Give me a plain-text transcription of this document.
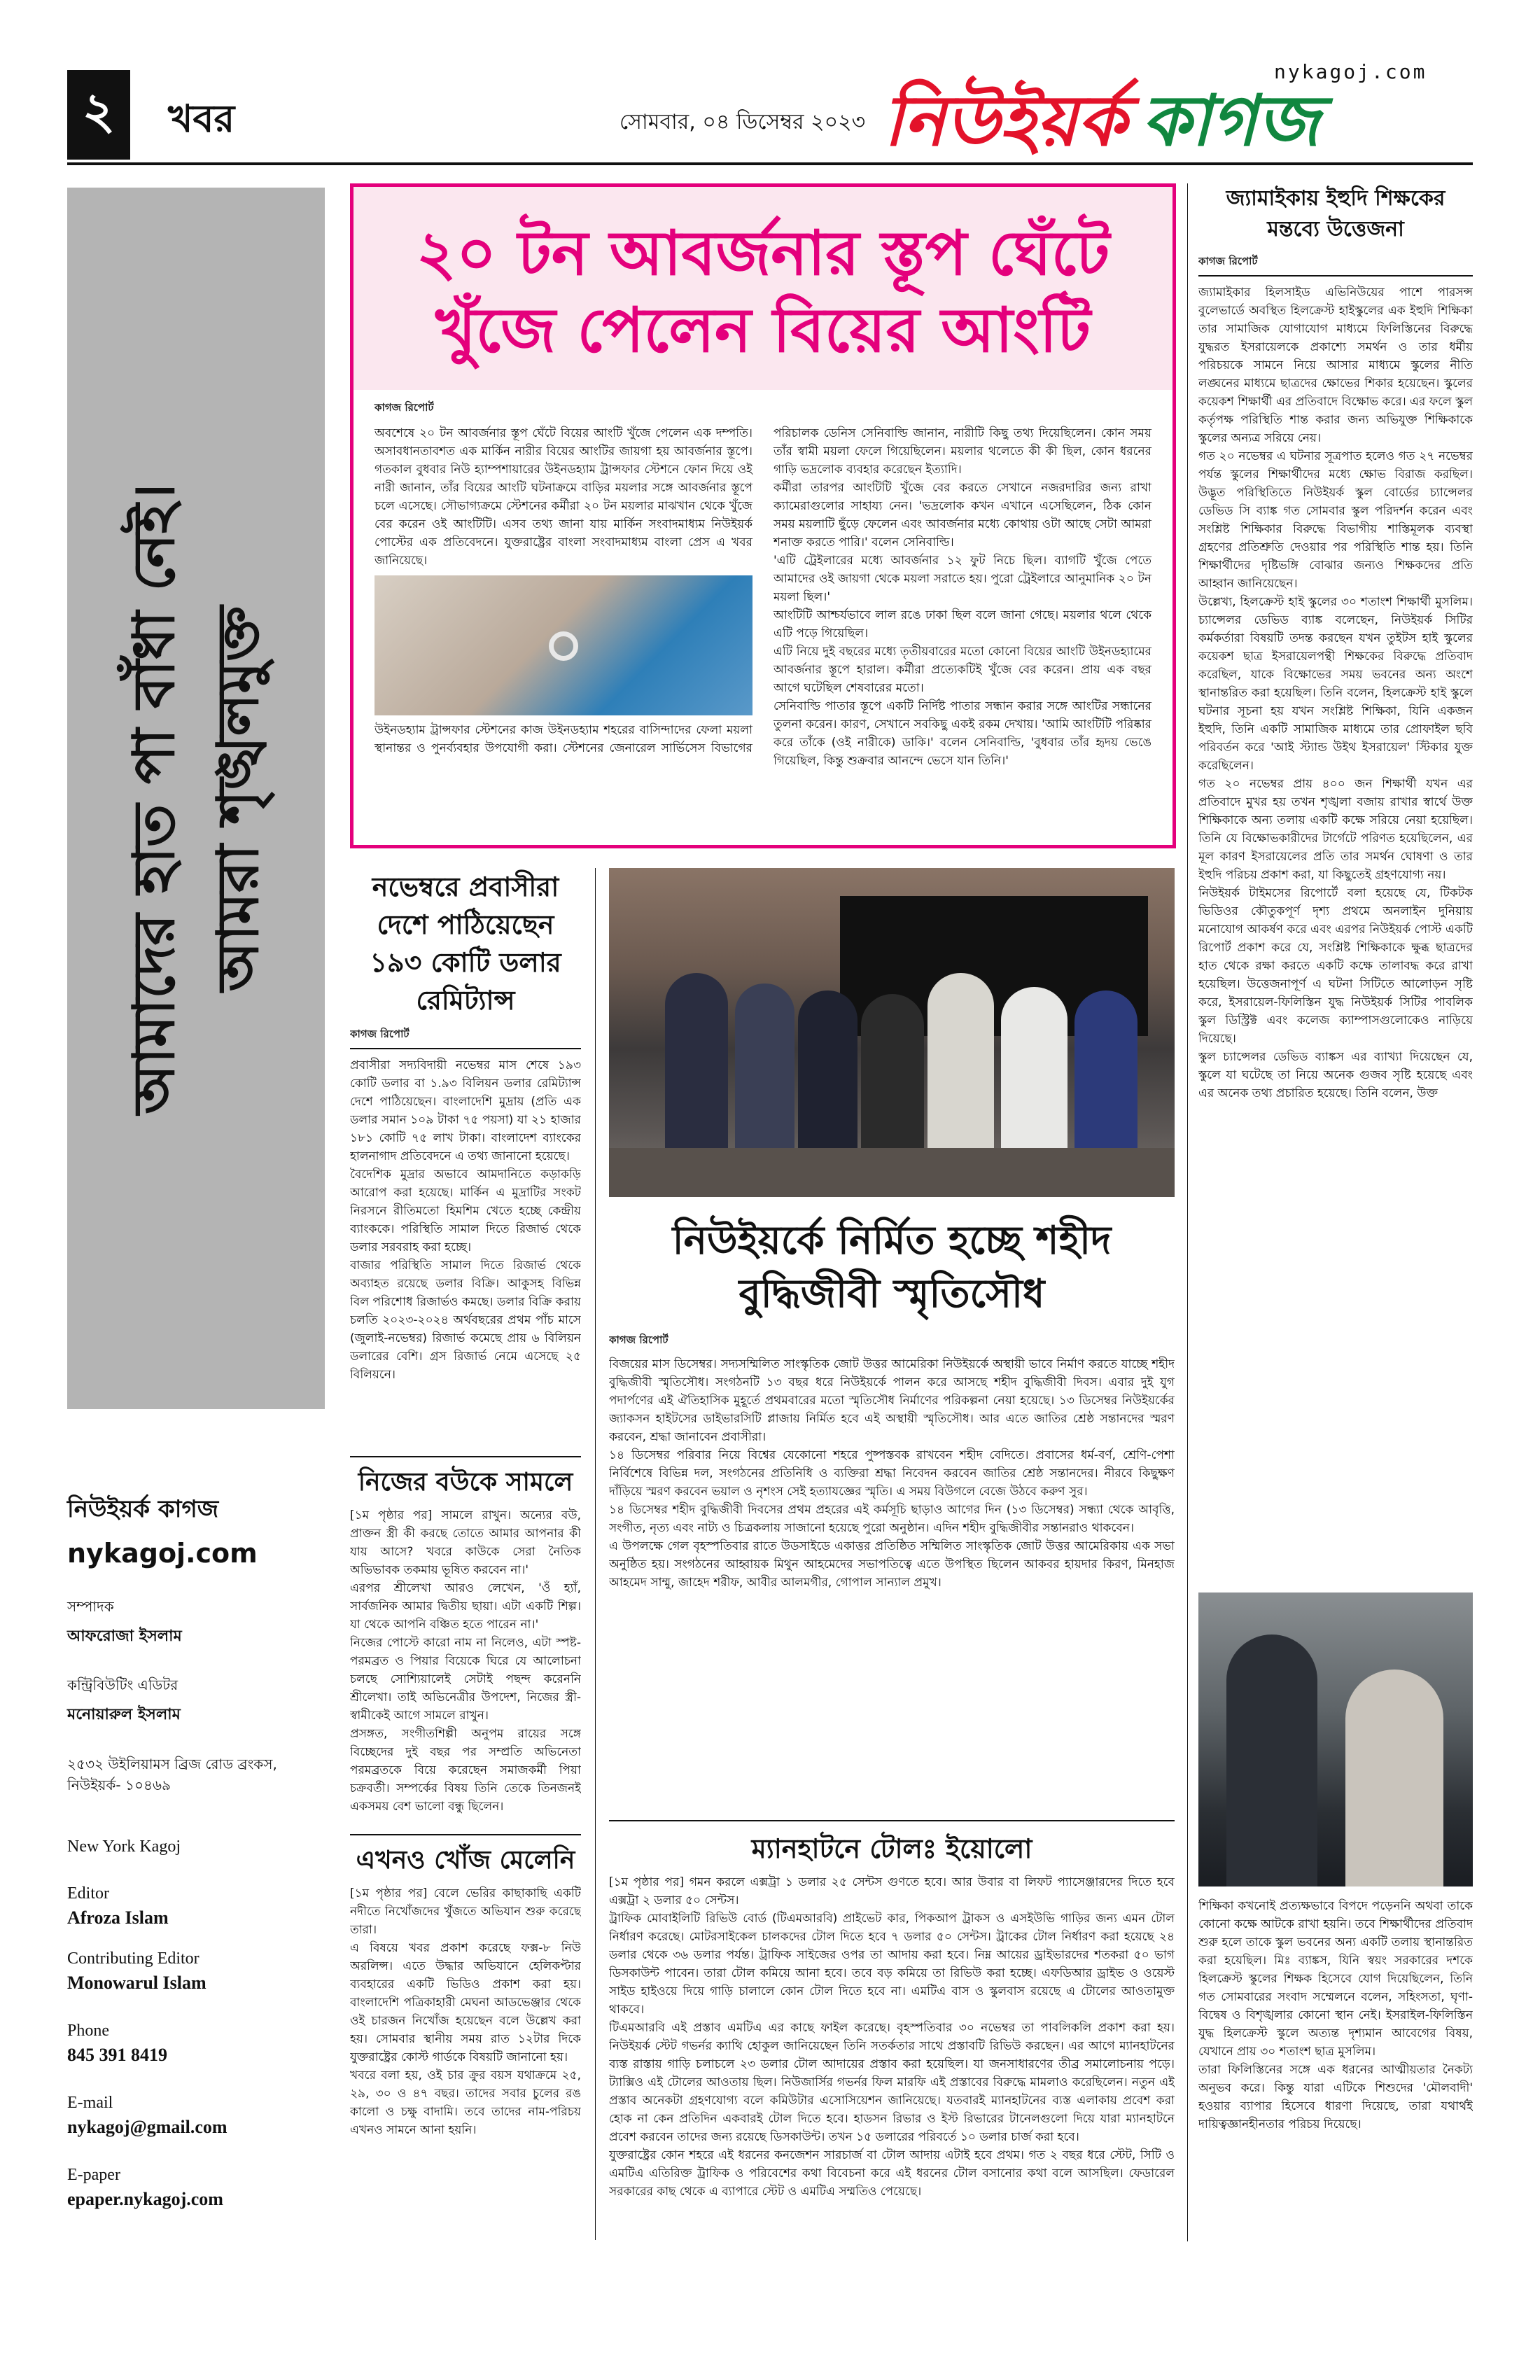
২ খবর	সোমবার, ০৪ ডিসেম্বর ২০২৩
nykagoj.com
নিউইয়র্ক কাগজ
আমাদের হাত পা বাঁধা নেই। আমরা শৃঙ্খলমুক্ত
নিউইয়র্ক কাগজ
nykagoj.com
সম্পাদক
আফরোজা ইসলাম
কন্ট্রিবিউটিং এডিটর
মনোয়ারুল ইসলাম
২৫৩২ উইলিয়ামস ব্রিজ রোড ব্রংকস, নিউইয়র্ক- ১০৪৬৯
New York Kagoj
Editor
Afroza Islam
Contributing Editor
Monowarul Islam
Phone
845 391 8419
E-mail
nykagoj@gmail.com
E-paper
epaper.nykagoj.com
২০ টন আবর্জনার স্তূপ ঘেঁটে
খুঁজে পেলেন বিয়ের আংটি
কাগজ রিপোর্ট

অবশেষে ২০ টন আবর্জনার স্তূপ ঘেঁটে বিয়ের আংটি খুঁজে পেলেন এক দম্পতি। অসাবধানতাবশত এক মার্কিন নারীর বিয়ের আংটির জায়গা হয় আবর্জনার স্তূপে। গতকাল বুধবার নিউ হ্যাম্পশায়ারের উইনডহ্যাম ট্রান্সফার স্টেশনে ফোন দিয়ে ওই নারী জানান, তাঁর বিয়ের আংটি ঘটনাক্রমে বাড়ির ময়লার সঙ্গে আবর্জনার স্তূপে চলে এসেছে। সৌভাগ্যক্রমে স্টেশনের কর্মীরা ২০ টন ময়লার মাঝখান থেকে খুঁজে বের করেন ওই আংটিটি। এসব তথ্য জানা যায় মার্কিন সংবাদমাধ্যম নিউইয়র্ক পোস্টের এক প্রতিবেদনে। যুক্তরাষ্ট্রের বাংলা সংবাদমাধ্যম বাংলা প্রেস এ খবর জানিয়েছে।

উইনডহ্যাম ট্রান্সফার স্টেশনের কাজ উইনডহ্যাম শহরের বাসিন্দাদের ফেলা ময়লা স্থানান্তর ও পুনর্ব্যবহার উপযোগী করা। স্টেশনের জেনারেল সার্ভিসেস বিভাগের পরিচালক ডেনিস সেনিবাল্ডি জানান, নারীটি কিছু তথ্য দিয়েছিলেন। কোন সময় তাঁর স্বামী ময়লা ফেলে গিয়েছিলেন। ময়লার থলেতে কী কী ছিল, কোন ধরনের গাড়ি ভদ্রলোক ব্যবহার করেছেন ইত্যাদি।

কর্মীরা তারপর আংটিটি খুঁজে বের করতে সেখানে নজরদারির জন্য রাখা ক্যামেরাগুলোর সাহায্য নেন। 'ভদ্রলোক কখন এখানে এসেছিলেন, ঠিক কোন সময় ময়লাটি ছুঁড়ে ফেলেন এবং আবর্জনার মধ্যে কোথায় ওটা আছে সেটা আমরা শনাক্ত করতে পারি।' বলেন সেনিবাল্ডি।

'এটি ট্রেইলারের মধ্যে আবর্জনার ১২ ফুট নিচে ছিল। ব্যাগটি খুঁজে পেতে আমাদের ওই জায়গা থেকে ময়লা সরাতে হয়। পুরো ট্রেইলারে আনুমানিক ২০ টন ময়লা ছিল।'

আংটিটি আশ্চর্যভাবে লাল রঙে ঢাকা ছিল বলে জানা গেছে। ময়লার থলে থেকে এটি পড়ে গিয়েছিল।

এটি নিয়ে দুই বছরের মধ্যে তৃতীয়বারের মতো কোনো বিয়ের আংটি উইনডহ্যামের আবর্জনার স্তূপে হারাল। কর্মীরা প্রত্যেকটিই খুঁজে বের করেন। প্রায় এক বছর আগে ঘটেছিল শেষবারের মতো।

সেনিবাল্ডি পাতার স্তূপে একটি নির্দিষ্ট পাতার সন্ধান করার সঙ্গে আংটির সন্ধানের তুলনা করেন। কারণ, সেখানে সবকিছু একই রকম দেখায়। 'আমি আংটিটি পরিষ্কার করে তাঁকে (ওই নারীকে) ডাকি।' বলেন সেনিবাল্ডি, 'বুধবার তাঁর হৃদয় ভেঙে গিয়েছিল, কিন্তু শুক্রবার আনন্দে ভেসে যান তিনি।'

নভেম্বরে প্রবাসীরা দেশে পাঠিয়েছেন ১৯৩ কোটি ডলার রেমিট্যান্স
কাগজ রিপোর্ট

প্রবাসীরা সদ্যবিদায়ী নভেম্বর মাস শেষে ১৯৩ কোটি ডলার বা ১.৯৩ বিলিয়ন ডলার রেমিট্যান্স দেশে পাঠিয়েছেন। বাংলাদেশি মুদ্রায় (প্রতি এক ডলার সমান ১০৯ টাকা ৭৫ পয়সা) যা ২১ হাজার ১৮১ কোটি ৭৫ লাখ টাকা। বাংলাদেশ ব্যাংকের হালনাগাদ প্রতিবেদনে এ তথ্য জানানো হয়েছে।

বৈদেশিক মুদ্রার অভাবে আমদানিতে কড়াকড়ি আরোপ করা হয়েছে। মার্কিন এ মুদ্রাটির সংকট নিরসনে রীতিমতো হিমশিম খেতে হচ্ছে কেন্দ্রীয় ব্যাংককে। পরিস্থিতি সামাল দিতে রিজার্ভ থেকে ডলার সরবরাহ করা হচ্ছে।

বাজার পরিস্থিতি সামাল দিতে রিজার্ভ থেকে অব্যাহত রয়েছে ডলার বিক্রি। আকুসহ বিভিন্ন বিল পরিশোধ রিজার্ভও কমছে। ডলার বিক্রি করায় চলতি ২০২৩-২০২৪ অর্থবছরের প্রথম পাঁচ মাসে (জুলাই-নভেম্বর) রিজার্ভ কমেছে প্রায় ৬ বিলিয়ন ডলারের বেশি। গ্রস রিজার্ভ নেমে এসেছে ২৫ বিলিয়নে।

নিজের বউকে সামলে

[১ম পৃষ্ঠার পর] সামলে রাখুন। অন্যের বউ, প্রাক্তন স্ত্রী কী করছে তোতে আমার আপনার কী যায় আসে? খবরে কাউকে সেরা নৈতিক অভিভাবক তকমায় ভূষিত করবেন না।'

এরপর শ্রীলেখা আরও লেখেন, 'ওঁ হ্যাঁ, সার্বজনিক আমার দ্বিতীয় ছায়া। এটা একটি শিল্প। যা থেকে আপনি বঞ্চিত হতে পারেন না।'

নিজের পোস্টে কারো নাম না নিলেও, এটা স্পষ্ট- পরমব্রত ও পিয়ার বিয়েকে ঘিরে যে আলোচনা চলছে সোশ্যিয়ালেই সেটাই পছন্দ করেননি শ্রীলেখা। তাই অভিনেত্রীর উপদেশ, নিজের স্ত্রী-স্বামীকেই আগে সামলে রাখুন।

প্রসঙ্গত, সংগীতশিল্পী অনুপম রায়ের সঙ্গে বিচ্ছেদের দুই বছর পর সম্প্রতি অভিনেতা পরমব্রতকে বিয়ে করেছেন সমাজকর্মী পিয়া চক্রবর্তী। সম্পর্কের বিষয় তিনি তেকে তিনজনই একসময় বেশ ভালো বন্ধু ছিলেন।

এখনও খোঁজ মেলেনি

[১ম পৃষ্ঠার পর] বেলে ভেরির কাছাকাছি একটি নদীতে নিখোঁজদের খুঁজতে অভিযান শুরু করেছে তারা।

এ বিষয়ে খবর প্রকাশ করেছে ফক্স-৮ নিউ অরলিন্স। এতে উদ্ধার অভিযানে হেলিকপ্টার ব্যবহারের একটি ভিডিও প্রকাশ করা হয়। বাংলাদেশি পত্রিকাহারী মেঘনা আডভেঞ্জার থেকে ওই চারজন নিখোঁজ হয়েছেন বলে উল্লেখ করা হয়। সোমবার স্থানীয় সময় রাত ১২টার দিকে যুক্তরাষ্ট্রের কোস্ট গার্ডকে বিষয়টি জানানো হয়।

খবরে বলা হয়, ওই চার ক্রুর বয়স যথাক্রমে ২৫, ২৯, ৩০ ও ৪৭ বছর। তাদের সবার চুলের রঙ কালো ও চক্ষু বাদামি। তবে তাদের নাম-পরিচয় এখনও সামনে আনা হয়নি।

নিউইয়র্কে নির্মিত হচ্ছে শহীদ
বুদ্ধিজীবী স্মৃতিসৌধ
কাগজ রিপোর্ট

বিজয়ের মাস ডিসেম্বর। সদ্যসম্মিলিত সাংস্কৃতিক জোট উত্তর আমেরিকা নিউইয়র্কে অস্থায়ী ভাবে নির্মাণ করতে যাচ্ছে শহীদ বুদ্ধিজীবী স্মৃতিসৌধ। সংগঠনটি ১৩ বছর ধরে নিউইয়র্কে পালন করে আসছে শহীদ বুদ্ধিজীবী দিবস। এবার দুই যুগ পদার্পণের এই ঐতিহাসিক মুহূর্তে প্রথমবারের মতো স্মৃতিসৌধ নির্মাণের পরিকল্পনা নেয়া হয়েছে। ১৩ ডিসেম্বর নিউইয়র্কের জ্যাকসন হাইটসের ডাইভারসিটি প্লাজায় নির্মিত হবে এই অস্থায়ী স্মৃতিসৌধ। আর এতে জাতির শ্রেষ্ঠ সন্তানদের স্মরণ করবেন, শ্রদ্ধা জানাবেন প্রবাসীরা।

১৪ ডিসেম্বর পরিবার নিয়ে বিশ্বের যেকোনো শহরে পুষ্পস্তবক রাখবেন শহীদ বেদিতে। প্রবাসের ধর্ম-বর্ণ, শ্রেণি-পেশা নির্বিশেষে বিভিন্ন দল, সংগঠনের প্রতিনিধি ও ব্যক্তিরা শ্রদ্ধা নিবেদন করবেন জাতির শ্রেষ্ঠ সন্তানদের। নীরবে কিছুক্ষণ দাঁড়িয়ে স্মরণ করবেন ভয়াল ও নৃশংস সেই হত্যাযজ্ঞের স্মৃতি। এ সময় বিউগলে বেজে উঠবে করুণ সুর।

১৪ ডিসেম্বর শহীদ বুদ্ধিজীবী দিবসের প্রথম প্রহরের এই কর্মসূচি ছাড়াও আগের দিন (১৩ ডিসেম্বর) সন্ধ্যা থেকে আবৃত্তি, সংগীত, নৃত্য এবং নাট্য ও চিত্রকলায় সাজানো হয়েছে পুরো অনুষ্ঠান। এদিন শহীদ বুদ্ধিজীবীর সন্তানরাও থাকবেন।

এ উপলক্ষে গেল বৃহস্পতিবার রাতে উডসাইডে একাত্তর প্রতিষ্ঠিত সম্মিলিত সাংস্কৃতিক জোট উত্তর আমেরিকায় এক সভা অনুষ্ঠিত হয়। সংগঠনের আহ্বায়ক মিথুন আহমেদের সভাপতিত্বে এতে উপস্থিত ছিলেন আকবর হায়দার কিরণ, মিনহাজ আহমেদ সাম্মু, জাহেদ শরীফ, আবীর আলমগীর, গোপাল সান্যাল প্রমুখ।

ম্যানহাটনে টোলঃ ইয়োলো

[১ম পৃষ্ঠার পর] গমন করলে এক্সট্রা ১ ডলার ২৫ সেন্টস গুণতে হবে। আর উবার বা লিফট প্যাসেঞ্জারদের দিতে হবে এক্সট্রা ২ ডলার ৫০ সেন্টস।

ট্রাফিক মোবাইলিটি রিভিউ বোর্ড (টিএমআরবি) প্রাইভেট কার, পিকআপ ট্রাকস ও এসইউভি গাড়ির জন্য এমন টোল নির্ধারণ করেছে। মোটরসাইকেল চালকদের টোল দিতে হবে ৭ ডলার ৫০ সেন্টস। ট্রাকের টোল নির্ধারণ করা হয়েছে ২৪ ডলার থেকে ৩৬ ডলার পর্যন্ত। ট্রাফিক সাইজের ওপর তা আদায় করা হবে। নিম্ন আয়ের ড্রাইভারদের শতকরা ৫০ ভাগ ডিসকাউন্ট পাবেন। তারা টোল কমিয়ে আনা হবে। তবে বড় কমিয়ে তা রিভিউ করা হচ্ছে। এফডিআর ড্রাইভ ও ওয়েস্ট সাইড হাইওয়ে দিয়ে গাড়ি চালালে কোন টোল দিতে হবে না। এমটিএ বাস ও স্কুলবাস রয়েছে এ টোলের আওতামুক্ত থাকবে।

টিএমআরবি এই প্রস্তাব এমটিএ এর কাছে ফাইল করেছে। বৃহস্পতিবার ৩০ নভেম্বর তা পাবলিকলি প্রকাশ করা হয়। নিউইয়র্ক স্টেট গভর্নর ক্যাথি হোকুল জানিয়েছেন তিনি সতর্কতার সাথে প্রস্তাবটি রিভিউ করছেন। এর আগে ম্যানহাটনের ব্যস্ত রাস্তায় গাড়ি চলাচলে ২৩ ডলার টোল আদায়ের প্রস্তাব করা হয়েছিল। যা জনসাধারণের তীব্র সমালোচনায় পড়ে। ট্যাক্সিও এই টোলের আওতায় ছিল। নিউজার্সির গভর্নর ফিল মারফি এই প্রস্তাবের বিরুদ্ধে মামলাও করেছিলেন। নতুন এই প্রস্তাব অনেকটা গ্রহণযোগ্য বলে কমিউটার এসোসিয়েশন জানিয়েছে। যতবারই ম্যানহাটনের ব্যস্ত এলাকায় প্রবেশ করা হোক না কেন প্রতিদিন একবারই টোল দিতে হবে। হাডসন রিভার ও ইস্ট রিভারের টানেলগুলো দিয়ে যারা ম্যানহাটনে প্রবেশ করবেন তাদের জন্য রয়েছে ডিসকাউন্ট। তখন ১৫ ডলারের পরিবর্তে ১০ ডলার চার্জ করা হবে।

যুক্তরাষ্ট্রের কোন শহরে এই ধরনের কনজেশন সারচার্জ বা টোল আদায় এটাই হবে প্রথম। গত ২ বছর ধরে স্টেট, সিটি ও এমটিএ এতিরিক্ত ট্রাফিক ও পরিবেশের কথা বিবেচনা করে এই ধরনের টোল বসানোর কথা বলে আসছিল। ফেডারেল সরকারের কাছ থেকে এ ব্যাপারে স্টেট ও এমটিএ সম্মতিও পেয়েছে।

জ্যামাইকায় ইহুদি শিক্ষকের মন্তব্যে উত্তেজনা
কাগজ রিপোর্ট

জ্যামাইকার হিলসাইড এভিনিউয়ের পাশে পারসন্স বুলেভার্ডে অবস্থিত হিলক্রেস্ট হাইস্কুলের এক ইহুদি শিক্ষিকা তার সামাজিক যোগাযোগ মাধ্যমে ফিলিস্তিনের বিরুদ্ধে যুদ্ধরত ইসরায়েলকে প্রকাশ্যে সমর্থন ও তার ধর্মীয় পরিচয়কে সামনে নিয়ে আসার মাধ্যমে স্কুলের নীতি লঙ্ঘনের মাধ্যমে ছাত্রদের ক্ষোভের শিকার হয়েছেন। স্কুলের কয়েকশ শিক্ষার্থী এর প্রতিবাদে বিক্ষোভ করে। এর ফলে স্কুল কর্তৃপক্ষ পরিস্থিতি শান্ত করার জন্য অভিযুক্ত শিক্ষিকাকে স্কুলের অন্যত্র সরিয়ে নেয়।

গত ২০ নভেম্বর এ ঘটনার সূত্রপাত হলেও গত ২৭ নভেম্বর পর্যন্ত স্কুলের শিক্ষার্থীদের মধ্যে ক্ষোভ বিরাজ করছিল। উদ্ভূত পরিস্থিতিতে নিউইয়র্ক স্কুল বোর্ডের চ্যান্সেলর ডেভিড সি ব্যাঙ্ক গত সোমবার স্কুল পরিদর্শন করেন এবং সংশ্লিষ্ট শিক্ষিকার বিরুদ্ধে বিভাগীয় শাস্তিমূলক ব্যবস্থা গ্রহণের প্রতিশ্রুতি দেওয়ার পর পরিস্থিতি শান্ত হয়। তিনি শিক্ষার্থীদের দৃষ্টিভঙ্গি বোঝার জন্যও শিক্ষকদের প্রতি আহ্বান জানিয়েছেন।

উল্লেখ্য, হিলক্রেস্ট হাই স্কুলের ৩০ শতাংশ শিক্ষার্থী মুসলিম। চ্যান্সেলর ডেভিড ব্যাঙ্ক বলেছেন, নিউইয়র্ক সিটির কর্মকর্তারা বিষয়টি তদন্ত করছেন যখন তুইটস হাই স্কুলের কয়েকশ ছাত্র ইসরায়েলপন্থী শিক্ষকের বিরুদ্ধে প্রতিবাদ করেছিল, যাকে বিক্ষোভের সময় ভবনের অন্য অংশে স্থানান্তরিত করা হয়েছিল। তিনি বলেন, হিলক্রেস্ট হাই স্কুলে ঘটনার সূচনা হয় যখন সংশ্লিষ্ট শিক্ষিকা, যিনি একজন ইহুদি, তিনি একটি সামাজিক মাধ্যমে তার প্রোফাইল ছবি পরিবর্তন করে 'আই স্ট্যান্ড উইথ ইসরায়েল' স্টিকার যুক্ত করেছিলেন।

গত ২০ নভেম্বর প্রায় ৪০০ জন শিক্ষার্থী যখন এর প্রতিবাদে মুখর হয় তখন শৃঙ্খলা বজায় রাখার স্বার্থে উক্ত শিক্ষিকাকে অন্য তলায় একটি কক্ষে সরিয়ে নেয়া হয়েছিল। তিনি যে বিক্ষোভকারীদের টার্গেটে পরিণত হয়েছিলেন, এর মূল কারণ ইসরায়েলের প্রতি তার সমর্থন ঘোষণা ও তার ইহুদি পরিচয় প্রকাশ করা, যা কিছুতেই গ্রহণযোগ্য নয়।

নিউইয়র্ক টাইমসের রিপোর্টে বলা হয়েছে যে, টিকটক ভিডিওর কৌতুকপূর্ণ দৃশ্য প্রথমে অনলাইন দুনিয়ায় মনোযোগ আকর্ষণ করে এবং এরপর নিউইয়র্ক পোস্ট একটি রিপোর্ট প্রকাশ করে যে, সংশ্লিষ্ট শিক্ষিকাকে ক্ষুব্ধ ছাত্রদের হাত থেকে রক্ষা করতে একটি কক্ষে তালাবদ্ধ করে রাখা হয়েছিল। উত্তেজনাপূর্ণ এ ঘটনা সিটিতে আলোড়ন সৃষ্টি করে, ইসরায়েল-ফিলিস্তিন যুদ্ধ নিউইয়র্ক সিটির পাবলিক স্কুল ডিস্ট্রিক্ট এবং কলেজ ক্যাম্পাসগুলোকেও নাড়িয়ে দিয়েছে।

স্কুল চ্যান্সেলর ডেভিড ব্যাঙ্কস এর ব্যাখ্যা দিয়েছেন যে, স্কুলে যা ঘটেছে তা নিয়ে অনেক গুজব সৃষ্টি হয়েছে এবং এর অনেক তথ্য প্রচারিত হয়েছে। তিনি বলেন, উক্ত

শিক্ষিকা কখনোই প্রত্যক্ষভাবে বিপদে পড়েননি অথবা তাকে কোনো কক্ষে আটকে রাখা হয়নি। তবে শিক্ষার্থীদের প্রতিবাদ শুরু হলে তাকে স্কুল ভবনের অন্য একটি তলায় স্থানান্তরিত করা হয়েছিল। মিঃ ব্যাঙ্কস, যিনি স্বয়ং সরকারের দশকে হিলক্রেস্ট স্কুলের শিক্ষক হিসেবে যোগ দিয়েছিলেন, তিনি গত সোমবারের সংবাদ সম্মেলনে বলেন, সহিংসতা, ঘৃণা-বিদ্বেষ ও বিশৃঙ্খলার কোনো স্থান নেই। ইসরাইল-ফিলিস্তিন যুদ্ধ হিলক্রেস্ট স্কুলে অত্যন্ত দৃশ্যমান আবেগের বিষয়, যেখানে প্রায় ৩০ শতাংশ ছাত্র মুসলিম।

তারা ফিলিস্তিনের সঙ্গে এক ধরনের আত্মীয়তার নৈকট্য অনুভব করে। কিন্তু যারা এটিকে শিশুদের 'মৌলবাদী' হওয়ার ব্যাপার হিসেবে ধারণা দিয়েছে, তারা যথার্থই দায়িত্বজ্ঞানহীনতার পরিচয় দিয়েছে।
